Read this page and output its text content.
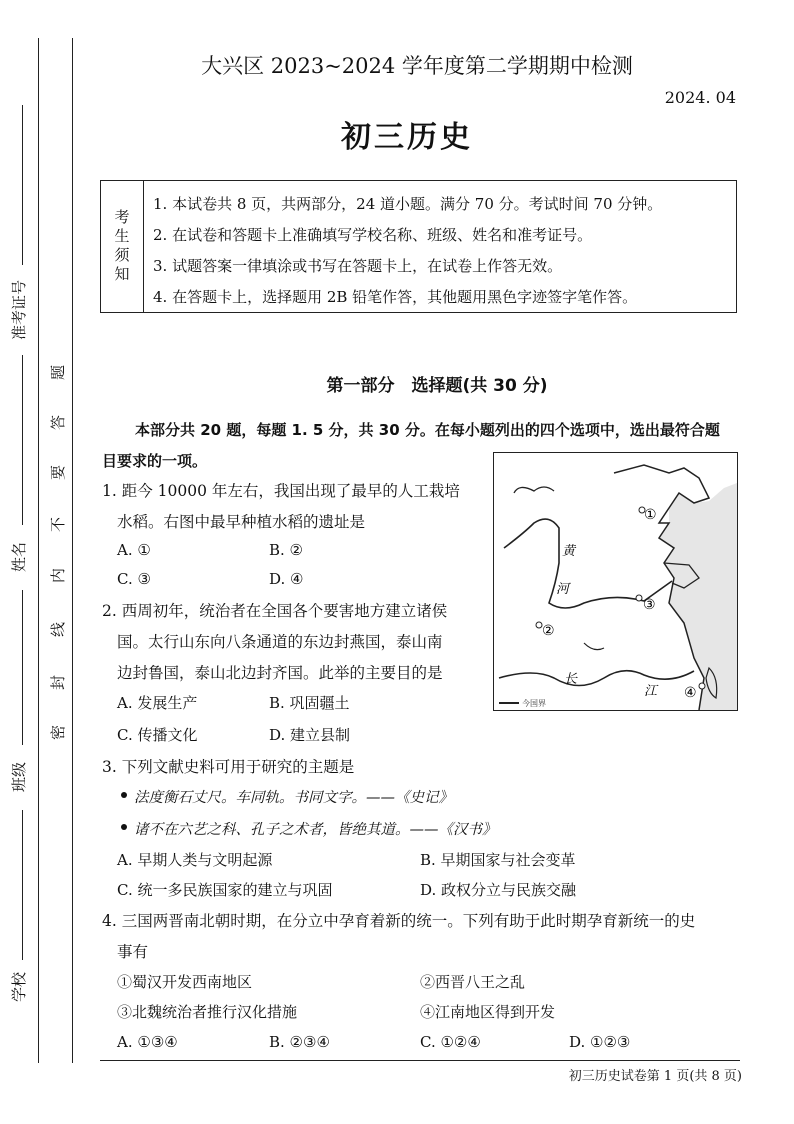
准考证号
姓名
班级
学校
密
封
线
内
不
要
答
题
大兴区 2023~2024 学年度第二学期期中检测
2024. 04
初三历史
考生须知
1. 本试卷共 8 页，共两部分，24 道小题。满分 70 分。考试时间 70 分钟。
2. 在试卷和答题卡上准确填写学校名称、班级、姓名和准考证号。
3. 试题答案一律填涂或书写在答题卡上，在试卷上作答无效。
4. 在答题卡上，选择题用 2B 铅笔作答，其他题用黑色字迹签字笔作答。
第一部分　选择题(共 30 分)
本部分共 20 题，每题 1. 5 分，共 30 分。在每小题列出的四个选项中，选出最符合题
目要求的一项。
1. 距今 10000 年左右，我国出现了最早的人工栽培
水稻。右图中最早种植水稻的遗址是
A. ①	B. ②
C. ③	D. ④
2. 西周初年，统治者在全国各个要害地方建立诸侯
国。太行山东向八条通道的东边封燕国，泰山南
边封鲁国，泰山北边封齐国。此举的主要目的是
A. 发展生产	B. 巩固疆土
C. 传播文化	D. 建立县制
今国界
黄
河
长
江
①
②
③
④
3. 下列文献史料可用于研究的主题是
法度衡石丈尺。车同轨。书同文字。——《史记》
诸不在六艺之科、孔子之术者，皆绝其道。——《汉书》
A. 早期人类与文明起源	B. 早期国家与社会变革
C. 统一多民族国家的建立与巩固	D. 政权分立与民族交融
4. 三国两晋南北朝时期，在分立中孕育着新的统一。下列有助于此时期孕育新统一的史
事有
①蜀汉开发西南地区	②西晋八王之乱
③北魏统治者推行汉化措施	④江南地区得到开发
A. ①③④	B. ②③④	C. ①②④	D. ①②③
初三历史试卷第 1 页(共 8 页)
